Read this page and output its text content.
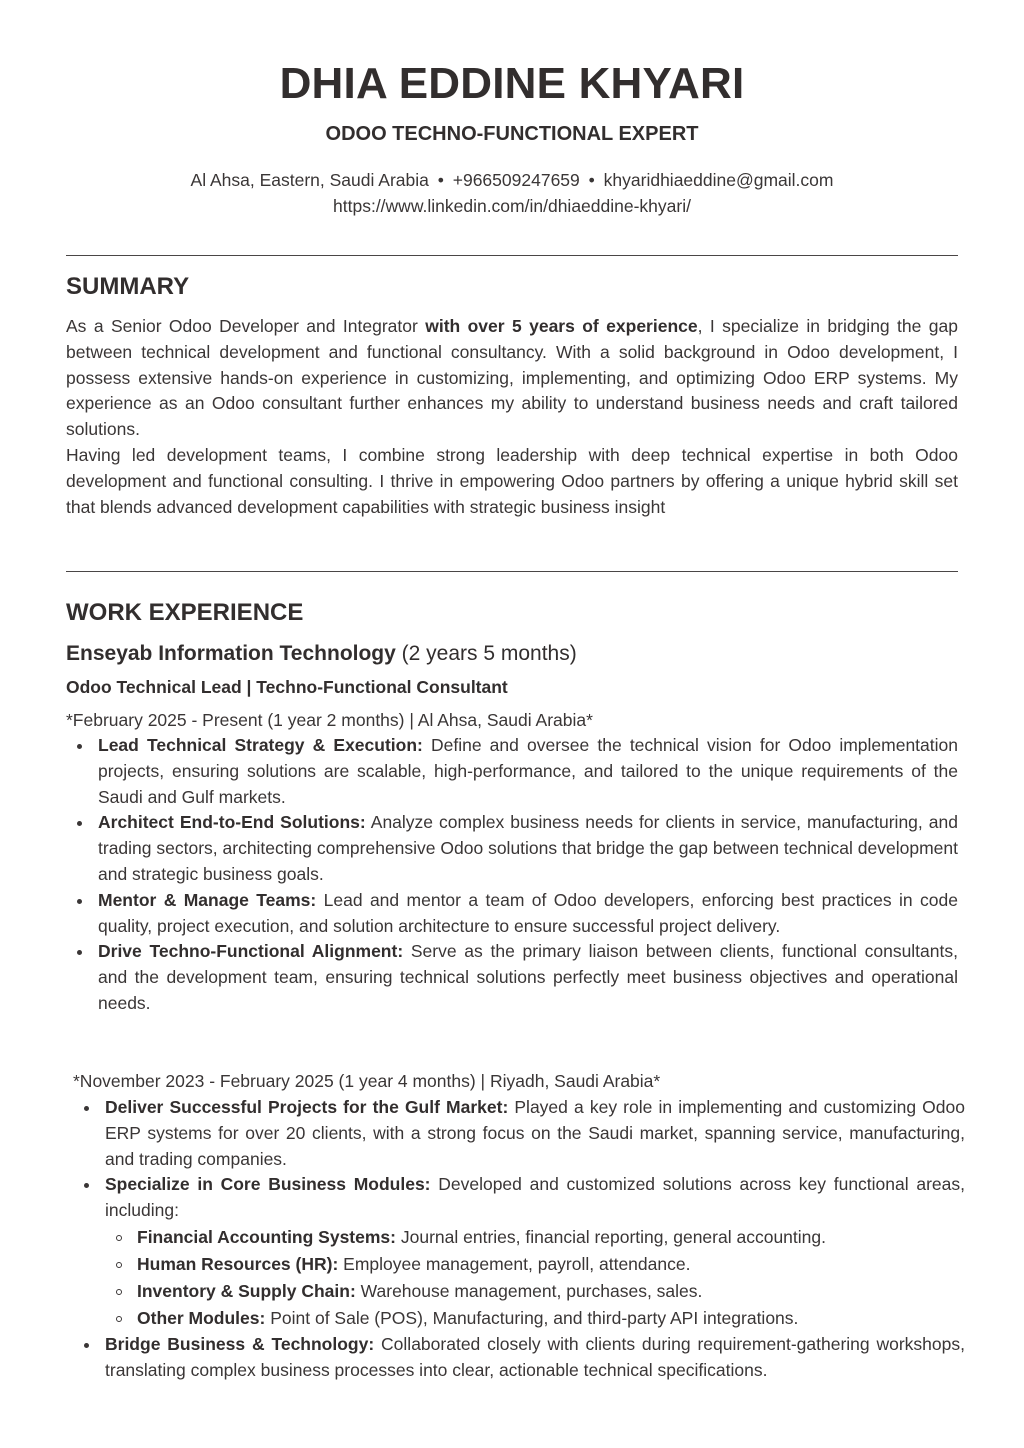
DHIA EDDINE KHYARI
ODOO TECHNO-FUNCTIONAL EXPERT
Al Ahsa, Eastern, Saudi Arabia • +966509247659 • khyaridhiaeddine@gmail.com
https://www.linkedin.com/in/dhiaeddine-khyari/
SUMMARY

As a Senior Odoo Developer and Integrator with over 5 years of experience, I specialize in bridging the gap between technical development and functional consultancy. With a solid background in Odoo development, I possess extensive hands-on experience in customizing, implementing, and optimizing Odoo ERP systems. My experience as an Odoo consultant further enhances my ability to understand business needs and craft tailored solutions.

Having led development teams, I combine strong leadership with deep technical expertise in both Odoo development and functional consulting. I thrive in empowering Odoo partners by offering a unique hybrid skill set that blends advanced development capabilities with strategic business insight

WORK EXPERIENCE

Enseyab Information Technology (2 years 5 months)

Odoo Technical Lead | Techno-Functional Consultant

*February 2025 - Present (1 year 2 months) | Al Ahsa, Saudi Arabia*

Lead Technical Strategy & Execution: Define and oversee the technical vision for Odoo implementation projects, ensuring solutions are scalable, high-performance, and tailored to the unique requirements of the Saudi and Gulf markets.
Architect End-to-End Solutions: Analyze complex business needs for clients in service, manufacturing, and trading sectors, architecting comprehensive Odoo solutions that bridge the gap between technical development and strategic business goals.
Mentor & Manage Teams: Lead and mentor a team of Odoo developers, enforcing best practices in code quality, project execution, and solution architecture to ensure successful project delivery.
Drive Techno-Functional Alignment: Serve as the primary liaison between clients, functional consultants, and the development team, ensuring technical solutions perfectly meet business objectives and operational needs.

*November 2023 - February 2025 (1 year 4 months) | Riyadh, Saudi Arabia*

Deliver Successful Projects for the Gulf Market: Played a key role in implementing and customizing Odoo ERP systems for over 20 clients, with a strong focus on the Saudi market, spanning service, manufacturing, and trading companies.
Specialize in Core Business Modules: Developed and customized solutions across key functional areas, including:
Financial Accounting Systems: Journal entries, financial reporting, general accounting.
Human Resources (HR): Employee management, payroll, attendance.
Inventory & Supply Chain: Warehouse management, purchases, sales.
Other Modules: Point of Sale (POS), Manufacturing, and third-party API integrations.
Bridge Business & Technology: Collaborated closely with clients during requirement-gathering workshops, translating complex business processes into clear, actionable technical specifications.
